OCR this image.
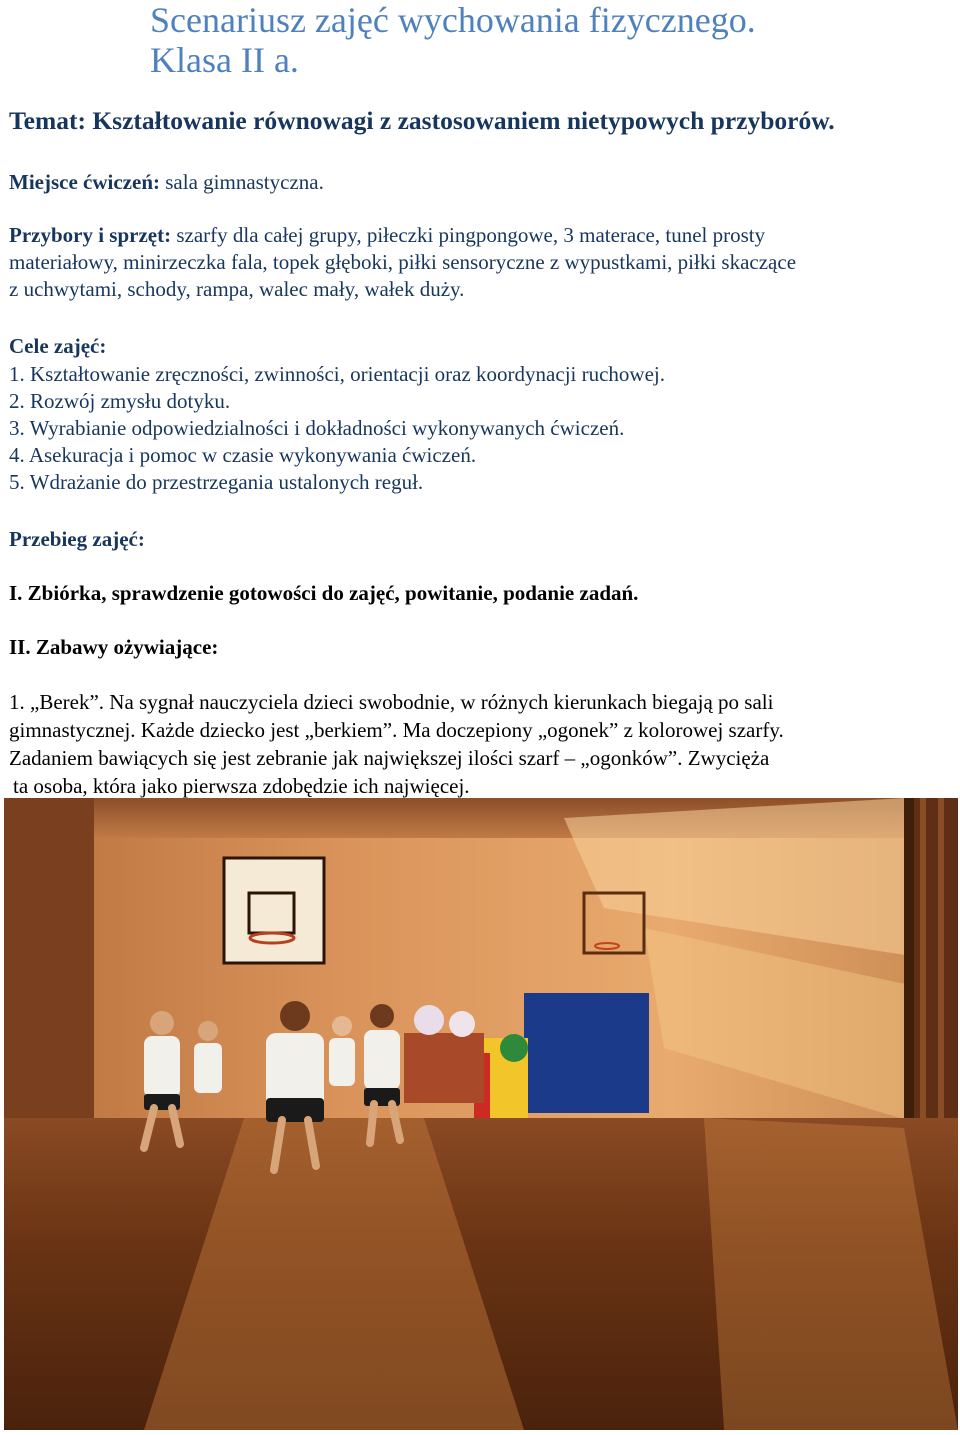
Scenariusz zajęć wychowania fizycznego.
Klasa II a.
Temat: Kształtowanie równowagi z zastosowaniem nietypowych przyborów.
Miejsce ćwiczeń: sala gimnastyczna.
Przybory i sprzęt: szarfy dla całej grupy, piłeczki pingpongowe, 3 materace, tunel prosty
materiałowy, minirzeczka fala, topek głęboki, piłki sensoryczne z wypustkami, piłki skaczące
z uchwytami, schody, rampa, walec mały, wałek duży.
Cele zajęć:
1. Kształtowanie zręczności, zwinności, orientacji oraz koordynacji ruchowej.
2. Rozwój zmysłu dotyku.
3. Wyrabianie odpowiedzialności i dokładności wykonywanych ćwiczeń.
4. Asekuracja i pomoc w czasie wykonywania ćwiczeń.
5. Wdrażanie do przestrzegania ustalonych reguł.
Przebieg zajęć:
I. Zbiórka, sprawdzenie gotowości do zajęć, powitanie, podanie zadań.
II. Zabawy ożywiające:
1. „Berek”. Na sygnał nauczyciela dzieci swobodnie, w różnych kierunkach biegają po sali
gimnastycznej. Każde dziecko jest „berkiem”. Ma doczepiony „ogonek” z kolorowej szarfy.
Zadaniem bawiących się jest zebranie jak największej ilości szarf – „ogonków”. Zwycięża
ta osoba, która jako pierwsza zdobędzie ich najwięcej.
